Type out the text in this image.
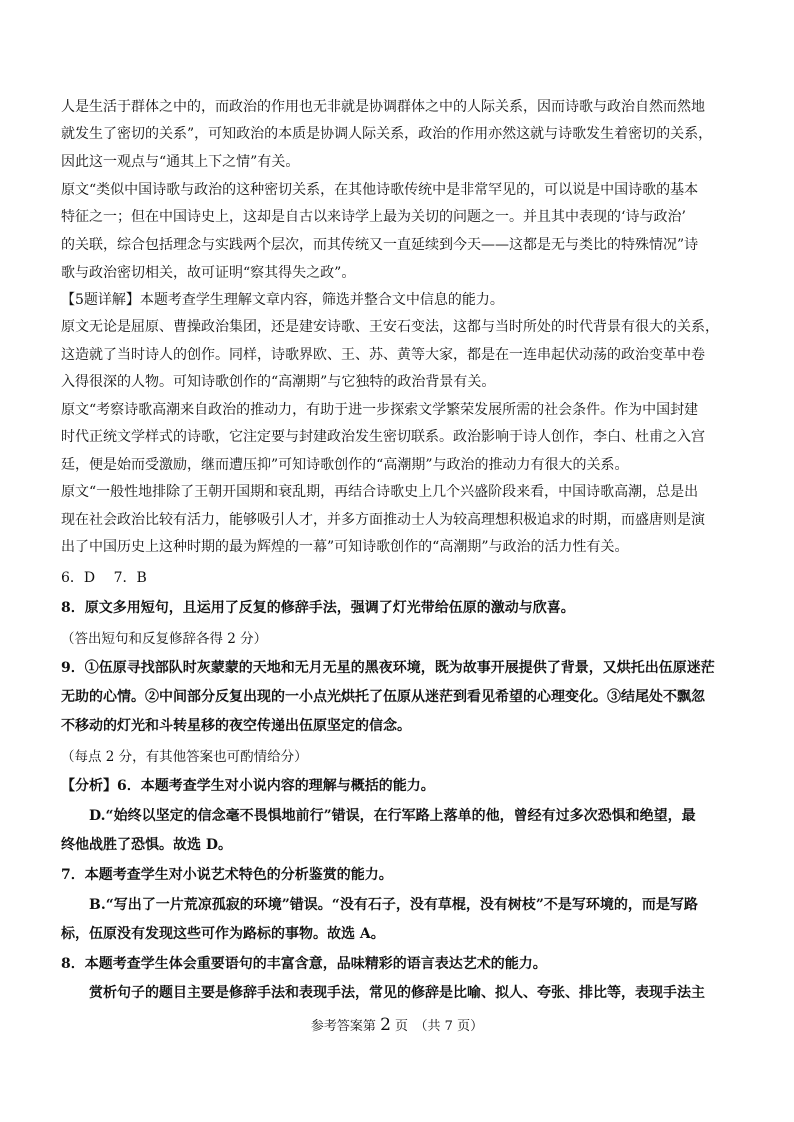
人是生活于群体之中的，而政治的作用也无非就是协调群体之中的人际关系，因而诗歌与政治自然而然地
就发生了密切的关系”，可知政治的本质是协调人际关系，政治的作用亦然这就与诗歌发生着密切的关系，
因此这一观点与“通其上下之情”有关。
原文“类似中国诗歌与政治的这种密切关系，在其他诗歌传统中是非常罕见的，可以说是中国诗歌的基本
特征之一；但在中国诗史上，这却是自古以来诗学上最为关切的问题之一。并且其中表现的‘诗与政治’
的关联，综合包括理念与实践两个层次，而其传统又一直延续到今天——这都是无与类比的特殊情况”诗
歌与政治密切相关，故可证明“察其得失之政”。
【5题详解】本题考查学生理解文章内容，筛选并整合文中信息的能力。
原文无论是屈原、曹操政治集团，还是建安诗歌、王安石变法，这都与当时所处的时代背景有很大的关系，
这造就了当时诗人的创作。同样，诗歌界欧、王、苏、黄等大家，都是在一连串起伏动荡的政治变革中卷
入得很深的人物。可知诗歌创作的“高潮期”与它独特的政治背景有关。
原文“考察诗歌高潮来自政治的推动力，有助于进一步探索文学繁荣发展所需的社会条件。作为中国封建
时代正统文学样式的诗歌，它注定要与封建政治发生密切联系。政治影响于诗人创作，李白、杜甫之入宫
廷，便是始而受激励，继而遭压抑”可知诗歌创作的“高潮期”与政治的推动力有很大的关系。
原文“一般性地排除了王朝开国期和衰乱期，再结合诗歌史上几个兴盛阶段来看，中国诗歌高潮，总是出
现在社会政治比较有活力，能够吸引人才，并多方面推动士人为较高理想积极追求的时期，而盛唐则是演
出了中国历史上这种时期的最为辉煌的一幕”可知诗歌创作的“高潮期”与政治的活力性有关。
6．D　 7．B
8．原文多用短句，且运用了反复的修辞手法，强调了灯光带给伍原的激动与欣喜。
（答出短句和反复修辞各得 2 分）
9．①伍原寻找部队时灰蒙蒙的天地和无月无星的黑夜环境，既为故事开展提供了背景，又烘托出伍原迷茫
无助的心情。②中间部分反复出现的一小点光烘托了伍原从迷茫到看见希望的心理变化。③结尾处不飘忽
不移动的灯光和斗转星移的夜空传递出伍原坚定的信念。
（每点 2 分，有其他答案也可酌情给分）
【分析】6．本题考查学生对小说内容的理解与概括的能力。
D.“始终以坚定的信念毫不畏惧地前行”错误，在行军路上落单的他，曾经有过多次恐惧和绝望，最
终他战胜了恐惧。故选 D。
7．本题考查学生对小说艺术特色的分析鉴赏的能力。
B.“写出了一片荒凉孤寂的环境”错误。“没有石子，没有草棍，没有树枝”不是写环境的，而是写路
标，伍原没有发现这些可作为路标的事物。故选 A。
8．本题考查学生体会重要语句的丰富含意，品味精彩的语言表达艺术的能力。
赏析句子的题目主要是修辞手法和表现手法，常见的修辞是比喻、拟人、夸张、排比等，表现手法主
参考答案第 2 页　（共 7 页）
